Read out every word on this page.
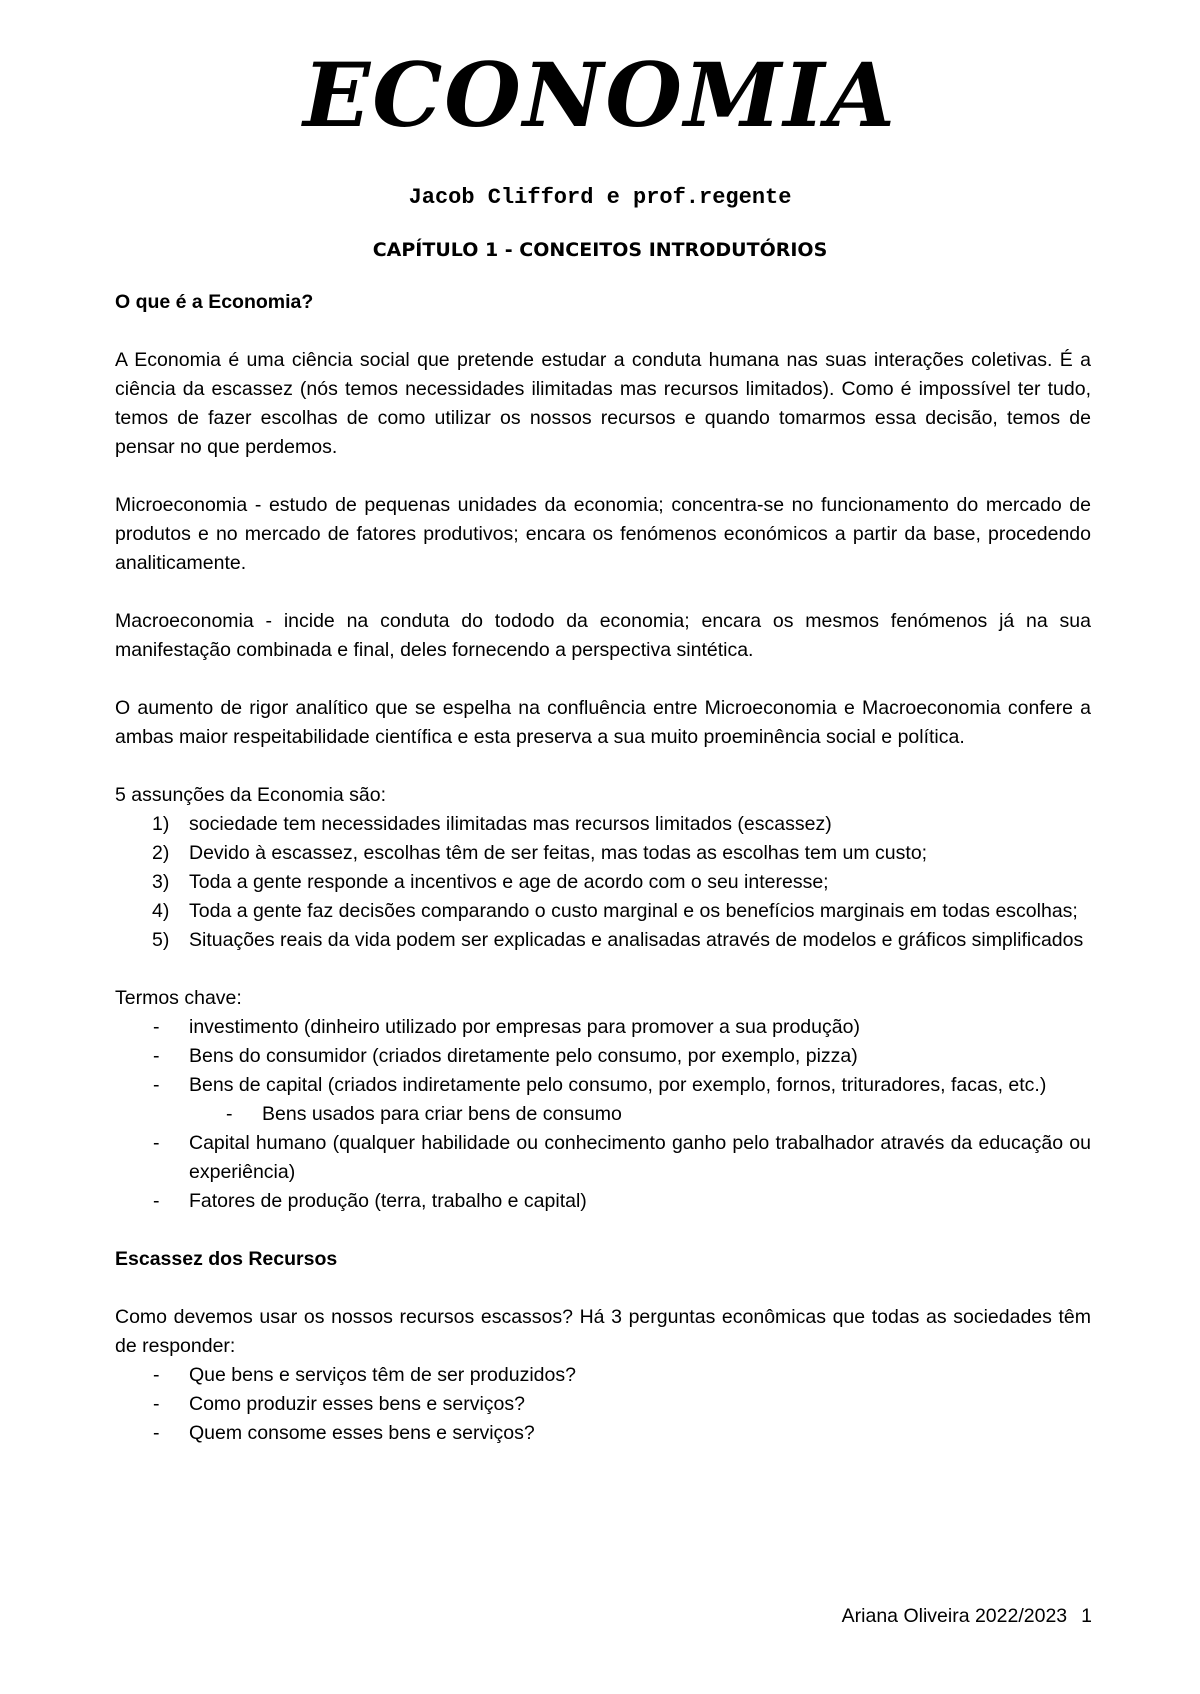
ECONOMIA
Jacob Clifford e prof.regente
CAPÍTULO 1 - CONCEITOS INTRODUTÓRIOS

O que é a Economia?

A Economia é uma ciência social que pretende estudar a conduta humana nas suas interações coletivas. É a ciência da escassez (nós temos necessidades ilimitadas mas recursos limitados). Como é impossível ter tudo, temos de fazer escolhas de como utilizar os nossos recursos e quando tomarmos essa decisão, temos de pensar no que perdemos.

Microeconomia - estudo de pequenas unidades da economia; concentra-se no funcionamento do mercado de produtos e no mercado de fatores produtivos; encara os fenómenos económicos a partir da base, procedendo analiticamente.

Macroeconomia - incide na conduta do tododo da economia; encara os mesmos fenómenos já na sua manifestação combinada e final, deles fornecendo a perspectiva sintética.

O aumento de rigor analítico que se espelha na confluência entre Microeconomia e Macroeconomia confere a ambas maior respeitabilidade científica e esta preserva a sua muito proeminência social e política.

5 assunções da Economia são:

1) sociedade tem necessidades ilimitadas mas recursos limitados (escassez)
2) Devido à escassez, escolhas têm de ser feitas, mas todas as escolhas tem um custo;
3) Toda a gente responde a incentivos e age de acordo com o seu interesse;
4) Toda a gente faz decisões comparando o custo marginal e os benefícios marginais em todas escolhas;
5) Situações reais da vida podem ser explicadas e analisadas através de modelos e gráficos simplificados

Termos chave:

- investimento (dinheiro utilizado por empresas para promover a sua produção)
- Bens do consumidor (criados diretamente pelo consumo, por exemplo, pizza)
- Bens de capital (criados indiretamente pelo consumo, por exemplo, fornos, trituradores, facas, etc.)
- Bens usados para criar bens de consumo
- Capital humano (qualquer habilidade ou conhecimento ganho pelo trabalhador através da educação ou experiência)
- Fatores de produção (terra, trabalho e capital)

Escassez dos Recursos

Como devemos usar os nossos recursos escassos? Há 3 perguntas econômicas que todas as sociedades têm de responder:

- Que bens e serviços têm de ser produzidos?
- Como produzir esses bens e serviços?
- Quem consome esses bens e serviços?
Ariana Oliveira 2022/2023 1
